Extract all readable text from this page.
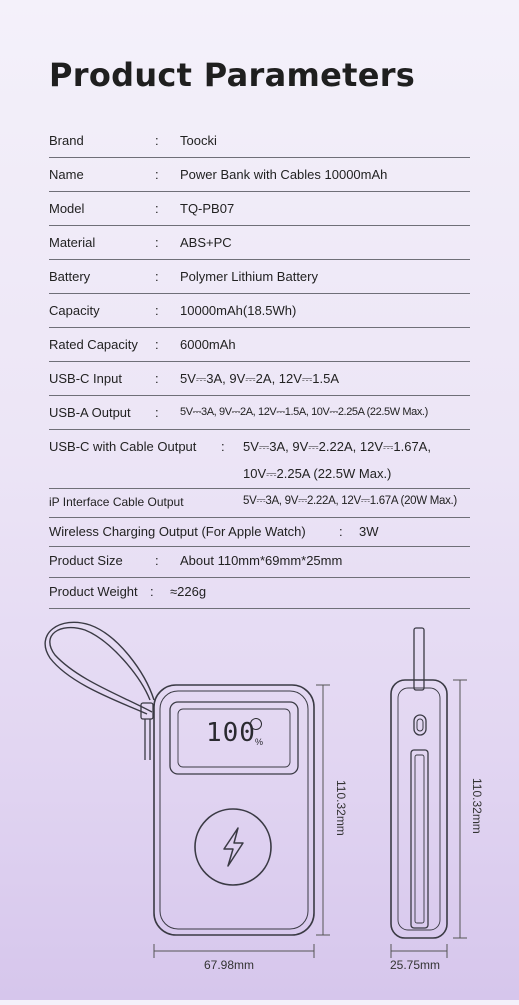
Product Parameters
Brand	: Toocki
Name	: Power Bank with Cables 10000mAh
Model	: TQ-PB07
Material	: ABS+PC
Battery	: Polymer Lithium Battery
Capacity	: 10000mAh(18.5Wh)
Rated Capacity : 6000mAh
USB-C Input	: 5V⎓3A, 9V⎓2A, 12V⎓1.5A
USB-A Output : 5V⎓3A, 9V⎓2A, 12V⎓1.5A, 10V⎓2.25A (22.5W Max.)
USB-C with Cable Output : 5V⎓3A, 9V⎓2.22A, 12V⎓1.67A,
10V⎓2.25A (22.5W Max.)
iP Interface Cable Output	5V⎓3A, 9V⎓2.22A, 12V⎓1.67A (20W Max.)
Wireless Charging Output (For Apple Watch)	: 3W
Product Size : About 110mm*69mm*25mm
Product Weight : ≈226g
100 %
67.98mm
110.32mm
25.75mm
110.32mm
